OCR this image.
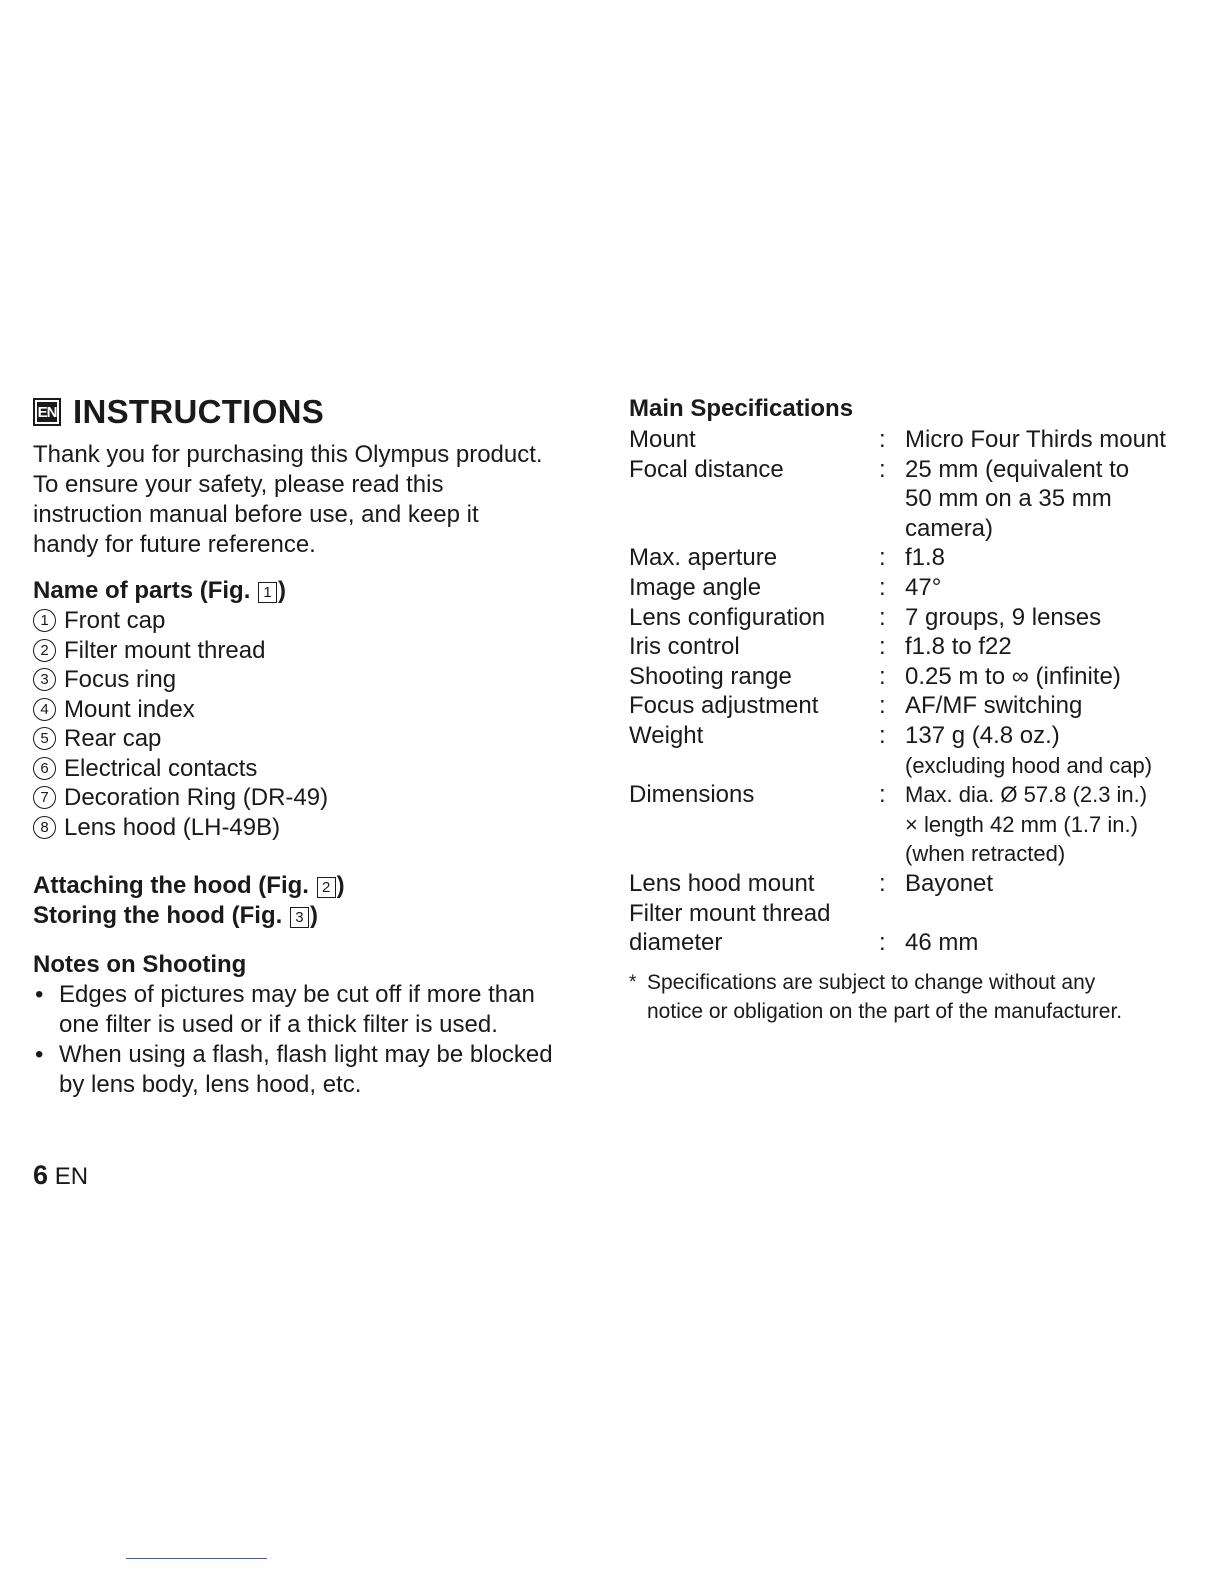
EN INSTRUCTIONS
Thank you for purchasing this Olympus product.
To ensure your safety, please read this
instruction manual before use, and keep it
handy for future reference.
Name of parts (Fig. 1 )
1 Front cap
2 Filter mount thread
3 Focus ring
4 Mount index
5 Rear cap
6 Electrical contacts
7 Decoration Ring (DR-49)
8 Lens hood (LH-49B)
Attaching the hood (Fig. 2 )
Storing the hood (Fig. 3 )
Notes on Shooting
• Edges of pictures may be cut off if more than
one filter is used or if a thick filter is used.
• When using a flash, flash light may be blocked
by lens body, lens hood, etc.
6 EN
Main Specifications
Mount	: Micro Four Thirds mount
Focal distance	: 25 mm (equivalent to
50 mm on a 35 mm
camera)
Max. aperture	: f1.8
Image angle	: 47°
Lens configuration	: 7 groups, 9 lenses
Iris control	: f1.8 to f22
Shooting range	: 0.25 m to ∞ (infinite)
Focus adjustment	: AF/MF switching
Weight	: 137 g (4.8 oz.)
(excluding hood and cap)
Dimensions	: Max. dia. Ø 57.8 (2.3 in.)
× length 42 mm (1.7 in.)
(when retracted)
Lens hood mount	: Bayonet
Filter mount thread
diameter
	:
46 mm
* Specifications are subject to change without any
notice or obligation on the part of the manufacturer.
